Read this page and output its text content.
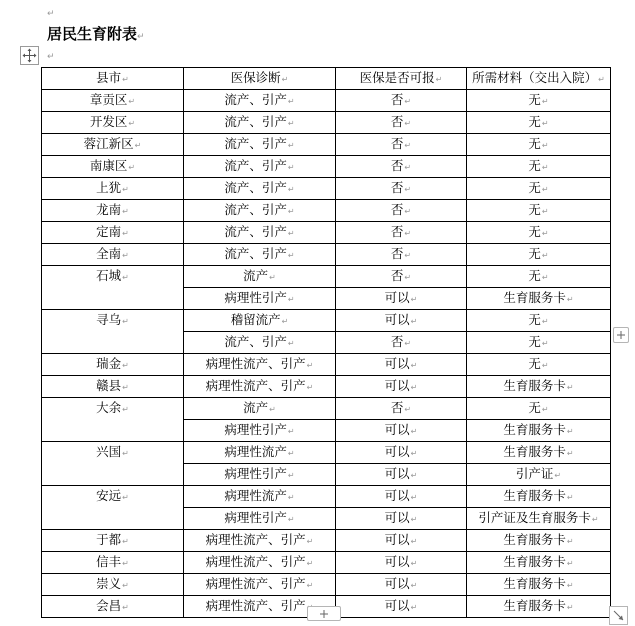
↵
居民生育附表↵
↵
县市↵	医保诊断↵	医保是否可报↵	所需材料（交出入院）↵
章贡区↵	流产、引产↵	否↵	无↵
开发区↵	流产、引产↵	否↵	无↵
蓉江新区↵	流产、引产↵	否↵	无↵
南康区↵	流产、引产↵	否↵	无↵
上犹↵	流产、引产↵	否↵	无↵
龙南↵	流产、引产↵	否↵	无↵
定南↵	流产、引产↵	否↵	无↵
全南↵	流产、引产↵	否↵	无↵
石城↵	流产↵	否↵	无↵
	病理性引产↵	可以↵	生育服务卡↵
寻乌↵	稽留流产↵	可以↵	无↵
	流产、引产↵	否↵	无↵
瑞金↵	病理性流产、引产↵	可以↵	无↵
赣县↵	病理性流产、引产↵	可以↵	生育服务卡↵
大余↵	流产↵	否↵	无↵
	病理性引产↵	可以↵	生育服务卡↵
兴国↵	病理性流产↵	可以↵	生育服务卡↵
	病理性引产↵	可以↵	引产证↵
安远↵	病理性流产↵	可以↵	生育服务卡↵
	病理性引产↵	可以↵	引产证及生育服务卡↵
于都↵	病理性流产、引产↵	可以↵	生育服务卡↵
信丰↵	病理性流产、引产↵	可以↵	生育服务卡↵
崇义↵	病理性流产、引产↵	可以↵	生育服务卡↵
会昌↵	病理性流产、引产	可以↵	生育服务卡↵
